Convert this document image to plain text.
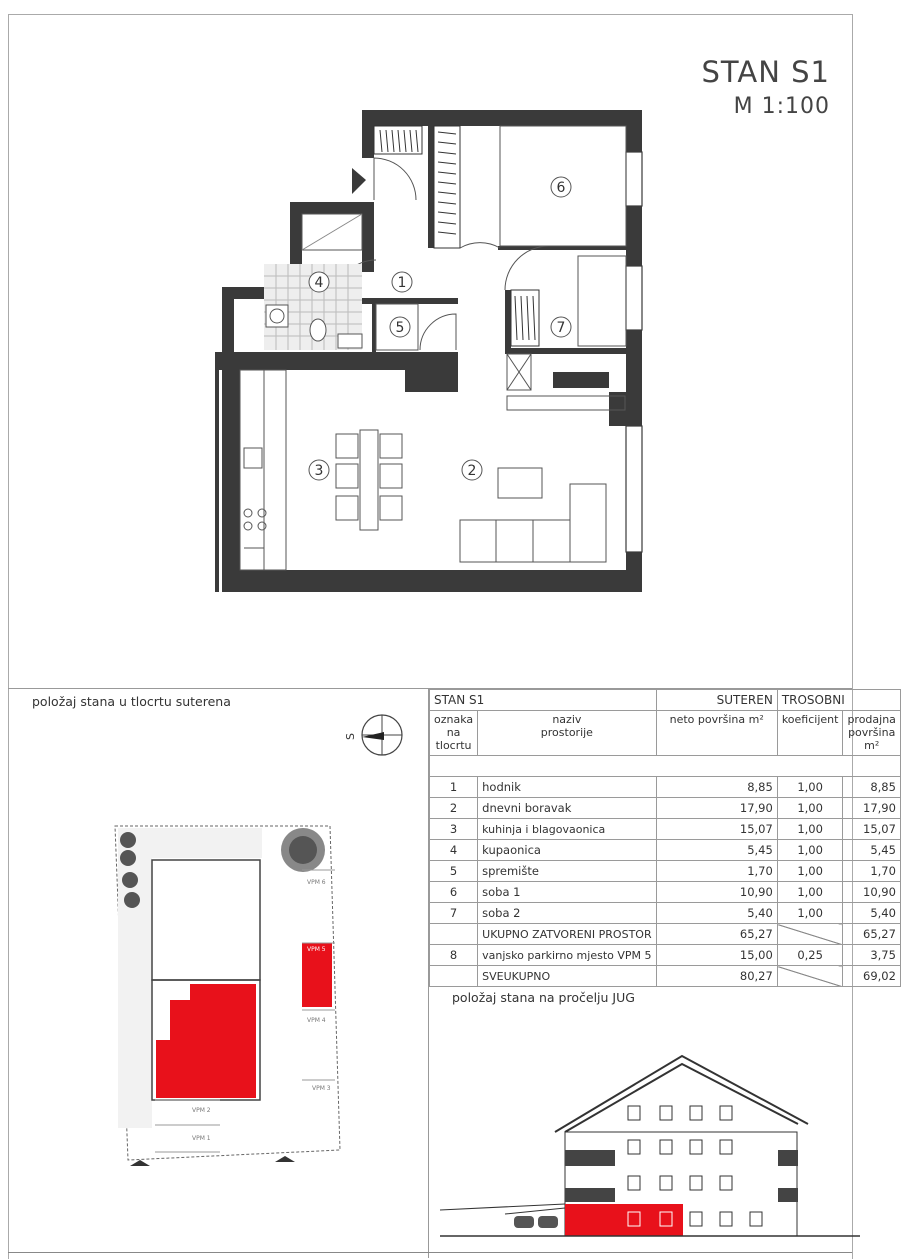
STAN S1
M 1:100
1
2
3
4
5
6
7
položaj stana u tlocrtu suterena	STAN S1		SUTEREN	TROSOBNI	
oznaka na tlocrtu	naziv prostorije	neto površina m²	koeficijent	prodajna površina m²

1	hodnik	8,85	1,00	8,85
2	dnevni boravak	17,90	1,00	17,90
3	kuhinja i blagovaonica	15,07	1,00	15,07
4	kupaonica	5,45	1,00	5,45
5	spremište	1,70	1,00	1,70
6	soba 1	10,90	1,00	10,90
7	soba 2	5,40	1,00	5,40
	UKUPNO ZATVORENI PROSTOR	65,27		65,27
8	vanjsko parkirno mjesto VPM 5	15,00	0,25	3,75
	SVEUKUPNO	80,27		69,02
položaj stana na pročelju JUG
S
VPM 6
VPM 5
VPM 4
VPM 3
VPM 2
VPM 1
